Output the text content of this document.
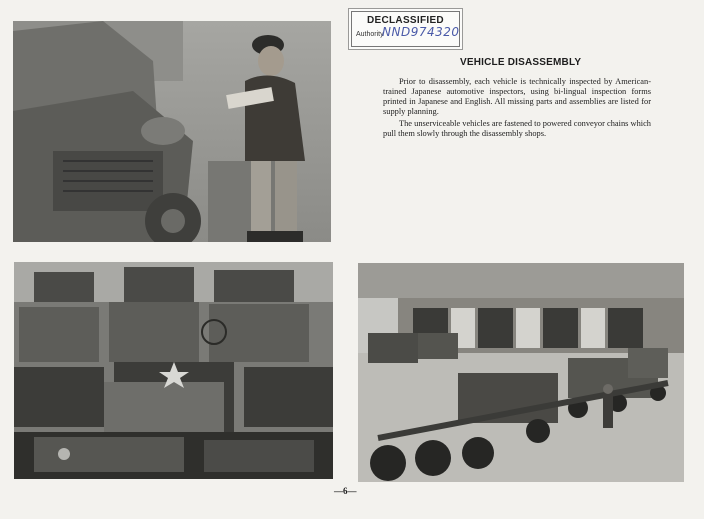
DECLASSIFIED
Authority
NND974320
VEHICLE DISASSEMBLY

Prior to disassembly, each vehicle is technically inspected by American-trained Japanese automotive inspectors, using bi-lingual inspection forms printed in Japanese and English. All missing parts and assemblies are listed for supply planning.

The unserviceable vehicles are fastened to powered conveyor chains which pull them slowly through the disassembly shops.

—6—
